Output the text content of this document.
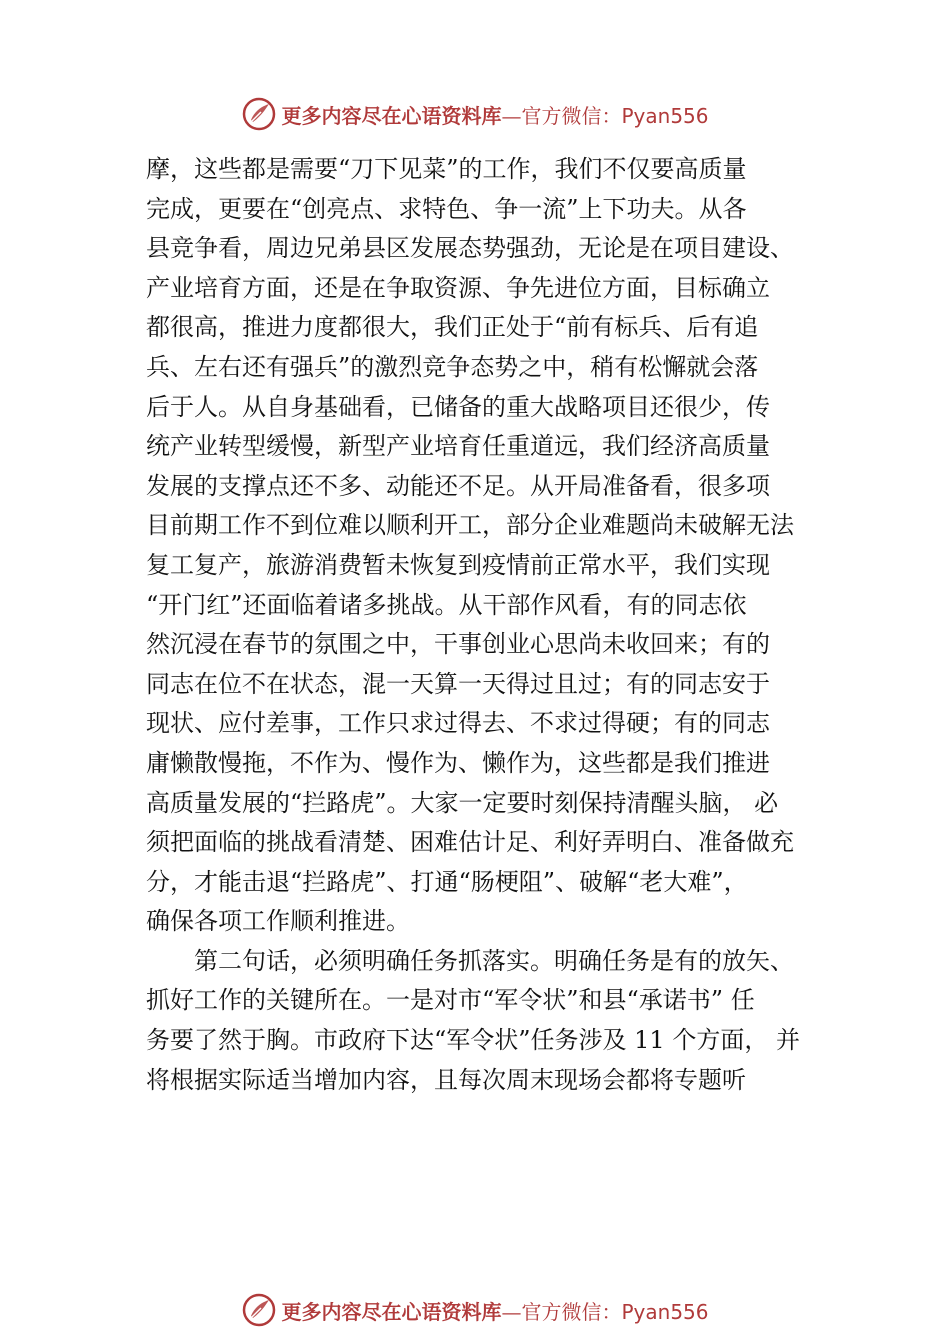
更多内容尽在心语资料库—官方微信：Pyan556
摩，这些都是需要“刀下见菜”的工作，我们不仅要高质量
完成，更要在“创亮点、求特色、争一流”上下功夫。从各
县竞争看，周边兄弟县区发展态势强劲，无论是在项目建设、
产业培育方面，还是在争取资源、争先进位方面，目标确立
都很高，推进力度都很大，我们正处于“前有标兵、后有追
兵、左右还有强兵”的激烈竞争态势之中，稍有松懈就会落
后于人。从自身基础看，已储备的重大战略项目还很少，传
统产业转型缓慢，新型产业培育任重道远，我们经济高质量
发展的支撑点还不多、动能还不足。从开局准备看，很多项
目前期工作不到位难以顺利开工，部分企业难题尚未破解无法
复工复产，旅游消费暂未恢复到疫情前正常水平，我们实现
“开门红”还面临着诸多挑战。从干部作风看，有的同志依
然沉浸在春节的氛围之中，干事创业心思尚未收回来；有的
同志在位不在状态，混一天算一天得过且过；有的同志安于
现状、应付差事，工作只求过得去、不求过得硬；有的同志
庸懒散慢拖，不作为、慢作为、懒作为，这些都是我们推进
高质量发展的“拦路虎”。大家一定要时刻保持清醒头脑， 必
须把面临的挑战看清楚、困难估计足、利好弄明白、准备做充
分，才能击退“拦路虎”、打通“肠梗阻”、破解“老大难”，
确保各项工作顺利推进。
第二句话，必须明确任务抓落实。明确任务是有的放矢、
抓好工作的关键所在。一是对市“军令状”和县“承诺书” 任
务要了然于胸。市政府下达“军令状”任务涉及 11 个方面， 并
将根据实际适当增加内容，且每次周末现场会都将专题听
更多内容尽在心语资料库—官方微信：Pyan556
